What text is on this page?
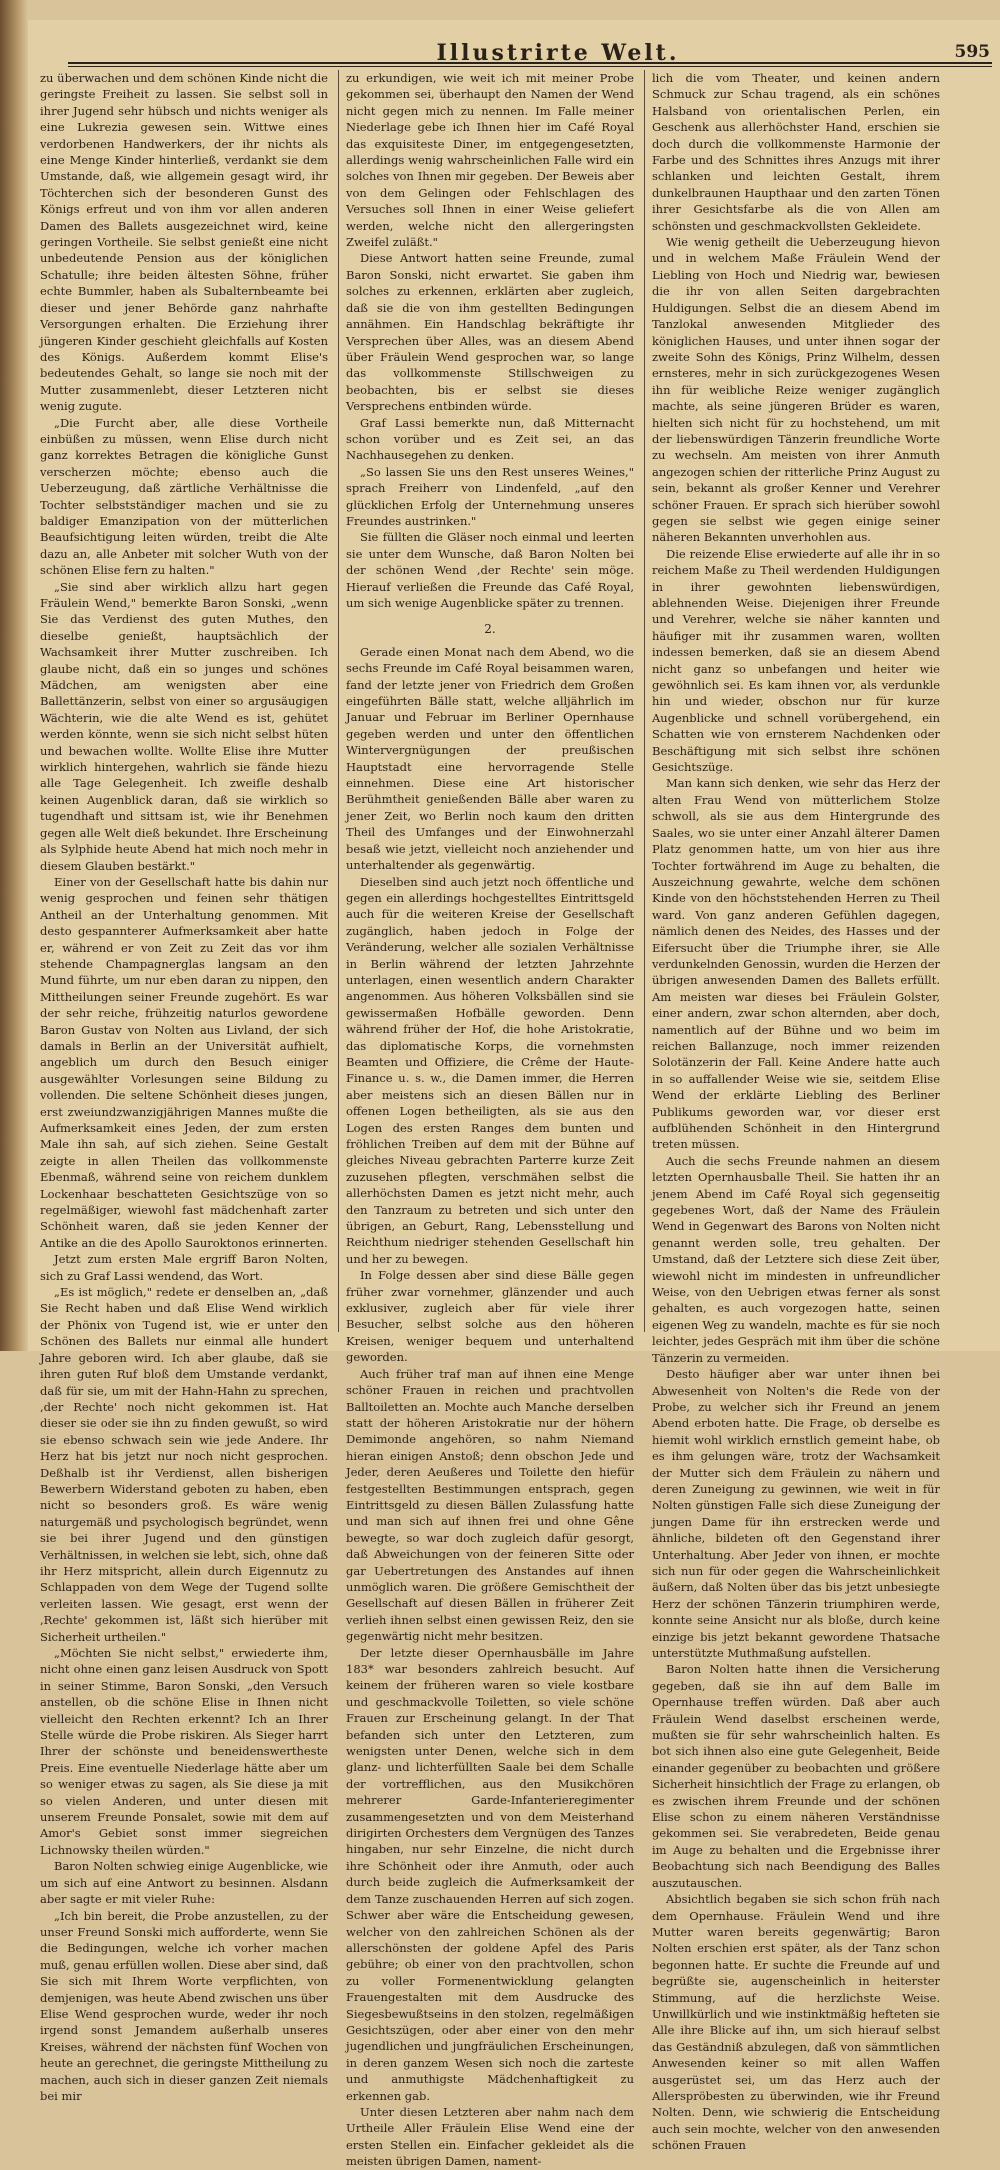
Illustrirte Welt.	595

zu überwachen und dem schönen Kinde nicht die geringste Freiheit zu lassen. Sie selbst soll in ihrer Jugend sehr hübsch und nichts weniger als eine Lukrezia gewesen sein. Wittwe eines verdorbenen Handwerkers, der ihr nichts als eine Menge Kinder hinterließ, verdankt sie dem Umstande, daß, wie allgemein gesagt wird, ihr Töchterchen sich der besonderen Gunst des Königs erfreut und von ihm vor allen anderen Damen des Ballets ausgezeichnet wird, keine geringen Vortheile. Sie selbst genießt eine nicht unbedeutende Pension aus der königlichen Schatulle; ihre beiden ältesten Söhne, früher echte Bummler, haben als Subalternbeamte bei dieser und jener Behörde ganz nahrhafte Versorgungen erhalten. Die Erziehung ihrer jüngeren Kinder geschieht gleichfalls auf Kosten des Königs. Außerdem kommt Elise's bedeutendes Gehalt, so lange sie noch mit der Mutter zusammenlebt, dieser Letzteren nicht wenig zugute.

„Die Furcht aber, alle diese Vortheile einbüßen zu müssen, wenn Elise durch nicht ganz korrektes Betragen die königliche Gunst verscherzen möchte; ebenso auch die Ueberzeugung, daß zärtliche Verhältnisse die Tochter selbstständiger machen und sie zu baldiger Emanzipation von der mütterlichen Beaufsichtigung leiten würden, treibt die Alte dazu an, alle Anbeter mit solcher Wuth von der schönen Elise fern zu halten."

„Sie sind aber wirklich allzu hart gegen Fräulein Wend," bemerkte Baron Sonski, „wenn Sie das Verdienst des guten Muthes, den dieselbe genießt, hauptsächlich der Wachsamkeit ihrer Mutter zuschreiben. Ich glaube nicht, daß ein so junges und schönes Mädchen, am wenigsten aber eine Ballettänzerin, selbst von einer so argusäugigen Wächterin, wie die alte Wend es ist, gehütet werden könnte, wenn sie sich nicht selbst hüten und bewachen wollte. Wollte Elise ihre Mutter wirklich hintergehen, wahrlich sie fände hiezu alle Tage Gelegenheit. Ich zweifle deshalb keinen Augenblick daran, daß sie wirklich so tugendhaft und sittsam ist, wie ihr Benehmen gegen alle Welt dieß bekundet. Ihre Erscheinung als Sylphide heute Abend hat mich noch mehr in diesem Glauben bestärkt."

Einer von der Gesellschaft hatte bis dahin nur wenig gesprochen und feinen sehr thätigen Antheil an der Unterhaltung genommen. Mit desto gespannterer Aufmerksamkeit aber hatte er, während er von Zeit zu Zeit das vor ihm stehende Champagnerglas langsam an den Mund führte, um nur eben daran zu nippen, den Mittheilungen seiner Freunde zugehört. Es war der sehr reiche, frühzeitig naturlos gewordene Baron Gustav von Nolten aus Livland, der sich damals in Berlin an der Universität aufhielt, angeblich um durch den Besuch einiger ausgewählter Vorlesungen seine Bildung zu vollenden. Die seltene Schönheit dieses jungen, erst zweiundzwanzigjährigen Mannes mußte die Aufmerksamkeit eines Jeden, der zum ersten Male ihn sah, auf sich ziehen. Seine Gestalt zeigte in allen Theilen das vollkommenste Ebenmaß, während seine von reichem dunklem Lockenhaar beschatteten Gesichtszüge von so regelmäßiger, wiewohl fast mädchenhaft zarter Schönheit waren, daß sie jeden Kenner der Antike an die des Apollo Sauroktonos erinnerten.

Jetzt zum ersten Male ergriff Baron Nolten, sich zu Graf Lassi wendend, das Wort.

„Es ist möglich," redete er denselben an, „daß Sie Recht haben und daß Elise Wend wirklich der Phönix von Tugend ist, wie er unter den Schönen des Ballets nur einmal alle hundert Jahre geboren wird. Ich aber glaube, daß sie ihren guten Ruf bloß dem Umstande verdankt, daß für sie, um mit der Hahn-Hahn zu sprechen, ,der Rechte' noch nicht gekommen ist. Hat dieser sie oder sie ihn zu finden gewußt, so wird sie ebenso schwach sein wie jede Andere. Ihr Herz hat bis jetzt nur noch nicht gesprochen. Deßhalb ist ihr Verdienst, allen bisherigen Bewerbern Widerstand geboten zu haben, eben nicht so besonders groß. Es wäre wenig naturgemäß und psychologisch begründet, wenn sie bei ihrer Jugend und den günstigen Verhältnissen, in welchen sie lebt, sich, ohne daß ihr Herz mitspricht, allein durch Eigennutz zu Schlappaden von dem Wege der Tugend sollte verleiten lassen. Wie gesagt, erst wenn der ,Rechte' gekommen ist, läßt sich hierüber mit Sicherheit urtheilen."

„Möchten Sie nicht selbst," erwiederte ihm, nicht ohne einen ganz leisen Ausdruck von Spott in seiner Stimme, Baron Sonski, „den Versuch anstellen, ob die schöne Elise in Ihnen nicht vielleicht den Rechten erkennt? Ich an Ihrer Stelle würde die Probe riskiren. Als Sieger harrt Ihrer der schönste und beneidenswertheste Preis. Eine eventuelle Niederlage hätte aber um so weniger etwas zu sagen, als Sie diese ja mit so vielen Anderen, und unter diesen mit unserem Freunde Ponsalet, sowie mit dem auf Amor's Gebiet sonst immer siegreichen Lichnowsky theilen würden."

Baron Nolten schwieg einige Augenblicke, wie um sich auf eine Antwort zu besinnen. Alsdann aber sagte er mit vieler Ruhe:

„Ich bin bereit, die Probe anzustellen, zu der unser Freund Sonski mich aufforderte, wenn Sie die Bedingungen, welche ich vorher machen muß, genau erfüllen wollen. Diese aber sind, daß Sie sich mit Ihrem Worte verpflichten, von demjenigen, was heute Abend zwischen uns über Elise Wend gesprochen wurde, weder ihr noch irgend sonst Jemandem außerhalb unseres Kreises, während der nächsten fünf Wochen von heute an gerechnet, die geringste Mittheilung zu machen, auch sich in dieser ganzen Zeit niemals bei mir

zu erkundigen, wie weit ich mit meiner Probe gekommen sei, überhaupt den Namen der Wend nicht gegen mich zu nennen. Im Falle meiner Niederlage gebe ich Ihnen hier im Café Royal das exquisiteste Diner, im entgegengesetzten, allerdings wenig wahrscheinlichen Falle wird ein solches von Ihnen mir gegeben. Der Beweis aber von dem Gelingen oder Fehlschlagen des Versuches soll Ihnen in einer Weise geliefert werden, welche nicht den allergeringsten Zweifel zuläßt."

Diese Antwort hatten seine Freunde, zumal Baron Sonski, nicht erwartet. Sie gaben ihm solches zu erkennen, erklärten aber zugleich, daß sie die von ihm gestellten Bedingungen annähmen. Ein Handschlag bekräftigte ihr Versprechen über Alles, was an diesem Abend über Fräulein Wend gesprochen war, so lange das vollkommenste Stillschweigen zu beobachten, bis er selbst sie dieses Versprechens entbinden würde.

Graf Lassi bemerkte nun, daß Mitternacht schon vorüber und es Zeit sei, an das Nachhausegehen zu denken.

„So lassen Sie uns den Rest unseres Weines," sprach Freiherr von Lindenfeld, „auf den glücklichen Erfolg der Unternehmung unseres Freundes austrinken."

Sie füllten die Gläser noch einmal und leerten sie unter dem Wunsche, daß Baron Nolten bei der schönen Wend ,der Rechte' sein möge. Hierauf verließen die Freunde das Café Royal, um sich wenige Augenblicke später zu trennen.

2.

Gerade einen Monat nach dem Abend, wo die sechs Freunde im Café Royal beisammen waren, fand der letzte jener von Friedrich dem Großen eingeführten Bälle statt, welche alljährlich im Januar und Februar im Berliner Opernhause gegeben werden und unter den öffentlichen Wintervergnügungen der preußischen Hauptstadt eine hervorragende Stelle einnehmen. Diese eine Art historischer Berühmtheit genießenden Bälle aber waren zu jener Zeit, wo Berlin noch kaum den dritten Theil des Umfanges und der Einwohnerzahl besaß wie jetzt, vielleicht noch anziehender und unterhaltender als gegenwärtig.

Dieselben sind auch jetzt noch öffentliche und gegen ein allerdings hochgestelltes Eintrittsgeld auch für die weiteren Kreise der Gesellschaft zugänglich, haben jedoch in Folge der Veränderung, welcher alle sozialen Verhältnisse in Berlin während der letzten Jahrzehnte unterlagen, einen wesentlich andern Charakter angenommen. Aus höheren Volksbällen sind sie gewissermaßen Hofbälle geworden. Denn während früher der Hof, die hohe Aristokratie, das diplomatische Korps, die vornehmsten Beamten und Offiziere, die Crême der Haute-Finance u. s. w., die Damen immer, die Herren aber meistens sich an diesen Bällen nur in offenen Logen betheiligten, als sie aus den Logen des ersten Ranges dem bunten und fröhlichen Treiben auf dem mit der Bühne auf gleiches Niveau gebrachten Parterre kurze Zeit zuzusehen pflegten, verschmähen selbst die allerhöchsten Damen es jetzt nicht mehr, auch den Tanzraum zu betreten und sich unter den übrigen, an Geburt, Rang, Lebensstellung und Reichthum niedriger stehenden Gesellschaft hin und her zu bewegen.

In Folge dessen aber sind diese Bälle gegen früher zwar vornehmer, glänzender und auch exklusiver, zugleich aber für viele ihrer Besucher, selbst solche aus den höheren Kreisen, weniger bequem und unterhaltend geworden.

Auch früher traf man auf ihnen eine Menge schöner Frauen in reichen und prachtvollen Balltoiletten an. Mochte auch Manche derselben statt der höheren Aristokratie nur der höhern Demimonde angehören, so nahm Niemand hieran einigen Anstoß; denn obschon Jede und Jeder, deren Aeußeres und Toilette den hiefür festgestellten Bestimmungen entsprach, gegen Eintrittsgeld zu diesen Bällen Zulassfung hatte und man sich auf ihnen frei und ohne Gêne bewegte, so war doch zugleich dafür gesorgt, daß Abweichungen von der feineren Sitte oder gar Uebertretungen des Anstandes auf ihnen unmöglich waren. Die größere Gemischtheit der Gesellschaft auf diesen Bällen in früherer Zeit verlieh ihnen selbst einen gewissen Reiz, den sie gegenwärtig nicht mehr besitzen.

Der letzte dieser Opernhausbälle im Jahre 183* war besonders zahlreich besucht. Auf keinem der früheren waren so viele kostbare und geschmackvolle Toiletten, so viele schöne Frauen zur Erscheinung gelangt. In der That befanden sich unter den Letzteren, zum wenigsten unter Denen, welche sich in dem glanz- und lichterfüllten Saale bei dem Schalle der vortrefflichen, aus den Musikchören mehrerer Garde-Infanterieregimenter zusammengesetzten und von dem Meisterhand dirigirten Orchesters dem Vergnügen des Tanzes hingaben, nur sehr Einzelne, die nicht durch ihre Schönheit oder ihre Anmuth, oder auch durch beide zugleich die Aufmerksamkeit der dem Tanze zuschauenden Herren auf sich zogen. Schwer aber wäre die Entscheidung gewesen, welcher von den zahlreichen Schönen als der allerschönsten der goldene Apfel des Paris gebühre; ob einer von den prachtvollen, schon zu voller Formenentwicklung gelangten Frauengestalten mit dem Ausdrucke des Siegesbewußtseins in den stolzen, regelmäßigen Gesichtszügen, oder aber einer von den mehr jugendlichen und jungfräulichen Erscheinungen, in deren ganzem Wesen sich noch die zarteste und anmuthigste Mädchenhaftigkeit zu erkennen gab.

Unter diesen Letzteren aber nahm nach dem Urtheile Aller Fräulein Elise Wend eine der ersten Stellen ein. Einfacher gekleidet als die meisten übrigen Damen, nament-

lich die vom Theater, und keinen andern Schmuck zur Schau tragend, als ein schönes Halsband von orientalischen Perlen, ein Geschenk aus allerhöchster Hand, erschien sie doch durch die vollkommenste Harmonie der Farbe und des Schnittes ihres Anzugs mit ihrer schlanken und leichten Gestalt, ihrem dunkelbraunen Haupthaar und den zarten Tönen ihrer Gesichtsfarbe als die von Allen am schönsten und geschmackvollsten Gekleidete.

Wie wenig getheilt die Ueberzeugung hievon und in welchem Maße Fräulein Wend der Liebling von Hoch und Niedrig war, bewiesen die ihr von allen Seiten dargebrachten Huldigungen. Selbst die an diesem Abend im Tanzlokal anwesenden Mitglieder des königlichen Hauses, und unter ihnen sogar der zweite Sohn des Königs, Prinz Wilhelm, dessen ernsteres, mehr in sich zurückgezogenes Wesen ihn für weibliche Reize weniger zugänglich machte, als seine jüngeren Brüder es waren, hielten sich nicht für zu hochstehend, um mit der liebenswürdigen Tänzerin freundliche Worte zu wechseln. Am meisten von ihrer Anmuth angezogen schien der ritterliche Prinz August zu sein, bekannt als großer Kenner und Verehrer schöner Frauen. Er sprach sich hierüber sowohl gegen sie selbst wie gegen einige seiner näheren Bekannten unverhohlen aus.

Die reizende Elise erwiederte auf alle ihr in so reichem Maße zu Theil werdenden Huldigungen in ihrer gewohnten liebenswürdigen, ablehnenden Weise. Diejenigen ihrer Freunde und Verehrer, welche sie näher kannten und häufiger mit ihr zusammen waren, wollten indessen bemerken, daß sie an diesem Abend nicht ganz so unbefangen und heiter wie gewöhnlich sei. Es kam ihnen vor, als verdunkle hin und wieder, obschon nur für kurze Augenblicke und schnell vorübergehend, ein Schatten wie von ernsterem Nachdenken oder Beschäftigung mit sich selbst ihre schönen Gesichtszüge.

Man kann sich denken, wie sehr das Herz der alten Frau Wend von mütterlichem Stolze schwoll, als sie aus dem Hintergrunde des Saales, wo sie unter einer Anzahl älterer Damen Platz genommen hatte, um von hier aus ihre Tochter fortwährend im Auge zu behalten, die Auszeichnung gewahrte, welche dem schönen Kinde von den höchststehenden Herren zu Theil ward. Von ganz anderen Gefühlen dagegen, nämlich denen des Neides, des Hasses und der Eifersucht über die Triumphe ihrer, sie Alle verdunkelnden Genossin, wurden die Herzen der übrigen anwesenden Damen des Ballets erfüllt. Am meisten war dieses bei Fräulein Golster, einer andern, zwar schon alternden, aber doch, namentlich auf der Bühne und wo beim im reichen Ballanzuge, noch immer reizenden Solotänzerin der Fall. Keine Andere hatte auch in so auffallender Weise wie sie, seitdem Elise Wend der erklärte Liebling des Berliner Publikums geworden war, vor dieser erst aufblühenden Schönheit in den Hintergrund treten müssen.

Auch die sechs Freunde nahmen an diesem letzten Opernhausballe Theil. Sie hatten ihr an jenem Abend im Café Royal sich gegenseitig gegebenes Wort, daß der Name des Fräulein Wend in Gegenwart des Barons von Nolten nicht genannt werden solle, treu gehalten. Der Umstand, daß der Letztere sich diese Zeit über, wiewohl nicht im mindesten in unfreundlicher Weise, von den Uebrigen etwas ferner als sonst gehalten, es auch vorgezogen hatte, seinen eigenen Weg zu wandeln, machte es für sie noch leichter, jedes Gespräch mit ihm über die schöne Tänzerin zu vermeiden.

Desto häufiger aber war unter ihnen bei Abwesenheit von Nolten's die Rede von der Probe, zu welcher sich ihr Freund an jenem Abend erboten hatte. Die Frage, ob derselbe es hiemit wohl wirklich ernstlich gemeint habe, ob es ihm gelungen wäre, trotz der Wachsamkeit der Mutter sich dem Fräulein zu nähern und deren Zuneigung zu gewinnen, wie weit in für Nolten günstigen Falle sich diese Zuneigung der jungen Dame für ihn erstrecken werde und ähnliche, bildeten oft den Gegenstand ihrer Unterhaltung. Aber Jeder von ihnen, er mochte sich nun für oder gegen die Wahrscheinlichkeit äußern, daß Nolten über das bis jetzt unbesiegte Herz der schönen Tänzerin triumphiren werde, konnte seine Ansicht nur als bloße, durch keine einzige bis jetzt bekannt gewordene Thatsache unterstützte Muthmaßung aufstellen.

Baron Nolten hatte ihnen die Versicherung gegeben, daß sie ihn auf dem Balle im Opernhause treffen würden. Daß aber auch Fräulein Wend daselbst erscheinen werde, mußten sie für sehr wahrscheinlich halten. Es bot sich ihnen also eine gute Gelegenheit, Beide einander gegenüber zu beobachten und größere Sicherheit hinsichtlich der Frage zu erlangen, ob es zwischen ihrem Freunde und der schönen Elise schon zu einem näheren Verständnisse gekommen sei. Sie verabredeten, Beide genau im Auge zu behalten und die Ergebnisse ihrer Beobachtung sich nach Beendigung des Balles auszutauschen.

Absichtlich begaben sie sich schon früh nach dem Opernhause. Fräulein Wend und ihre Mutter waren bereits gegenwärtig; Baron Nolten erschien erst später, als der Tanz schon begonnen hatte. Er suchte die Freunde auf und begrüßte sie, augenscheinlich in heiterster Stimmung, auf die herzlichste Weise. Unwillkürlich und wie instinktmäßig hefteten sie Alle ihre Blicke auf ihn, um sich hierauf selbst das Geständniß abzulegen, daß von sämmtlichen Anwesenden keiner so mit allen Waffen ausgerüstet sei, um das Herz auch der Allerspröbesten zu überwinden, wie ihr Freund Nolten. Denn, wie schwierig die Entscheidung auch sein mochte, welcher von den anwesenden schönen Frauen
